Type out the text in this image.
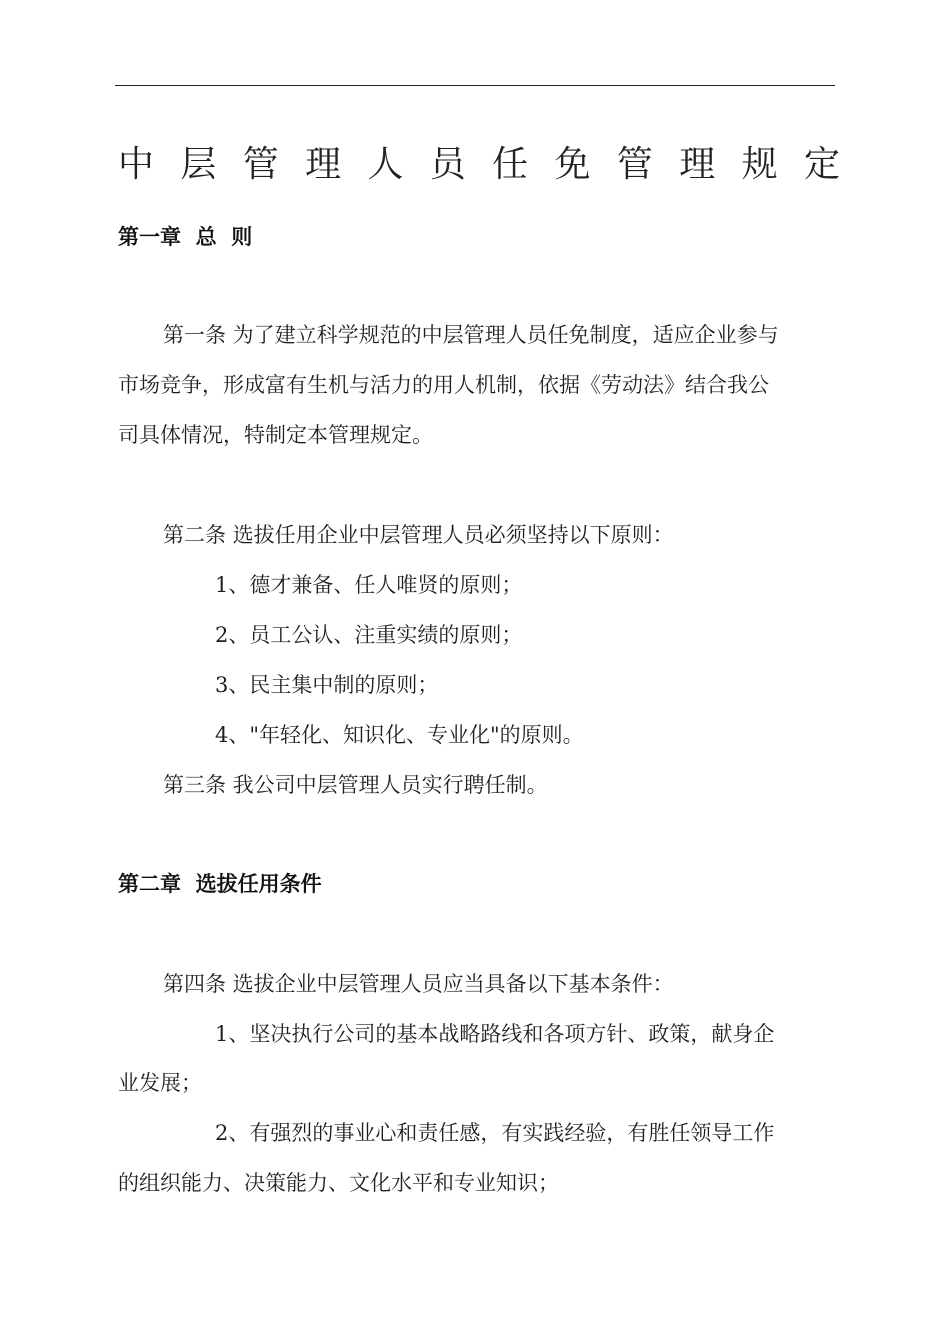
中 层 管 理 人 员 任 免 管 理 规 定
第一章  总  则
第一条 为了建立科学规范的中层管理人员任免制度，适应企业参与
市场竞争，形成富有生机与活力的用人机制，依据《劳动法》结合我公
司具体情况，特制定本管理规定。
第二条 选拔任用企业中层管理人员必须坚持以下原则：
1、德才兼备、任人唯贤的原则；
2、员工公认、注重实绩的原则；
3、民主集中制的原则；
4、"年轻化、知识化、专业化"的原则。
第三条 我公司中层管理人员实行聘任制。
第二章  选拔任用条件
第四条 选拔企业中层管理人员应当具备以下基本条件：
1、坚决执行公司的基本战略路线和各项方针、政策，献身企
业发展；
2、有强烈的事业心和责任感，有实践经验，有胜任领导工作
的组织能力、决策能力、文化水平和专业知识；
